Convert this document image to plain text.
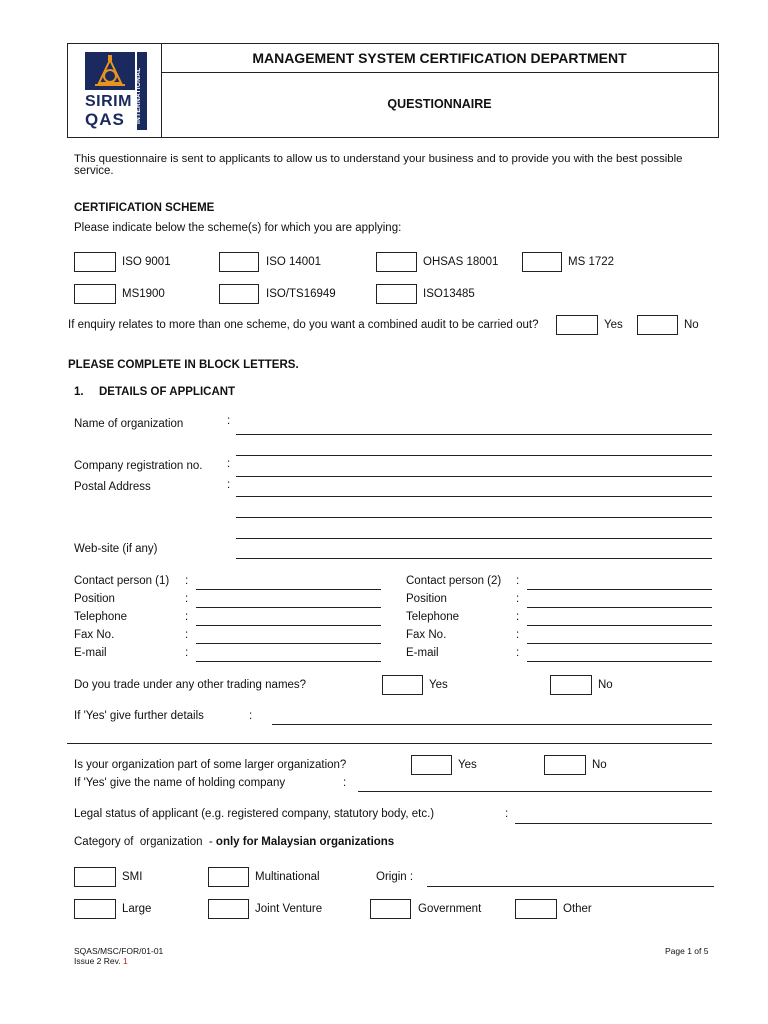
SIRIM
QAS INTERNATIONAL
MANAGEMENT SYSTEM CERTIFICATION DEPARTMENT
QUESTIONNAIRE
This questionnaire is sent to applicants to allow us to understand your business and to provide you with the best possible
service.
CERTIFICATION SCHEME
Please indicate below the scheme(s) for which you are applying:
ISO 9001	ISO 14001	OHSAS 18001	MS 1722
MS1900	ISO/TS16949	ISO13485
If enquiry relates to more than one scheme, do you want a combined audit to be carried out?	Yes	No
PLEASE COMPLETE IN BLOCK LETTERS.
1. DETAILS OF APPLICANT
Name of organization	:
Company registration no. :
Postal Address	:
Web-site (if any)
Contact person (1) :
Position	:
Telephone	:
Fax No.	:
E-mail	:
Contact person (2) :
Position	:
Telephone	:
Fax No.	:
E-mail	:
Do you trade under any other trading names?	Yes	No
If 'Yes' give further details	:
Is your organization part of some larger organization?	Yes	No
If 'Yes' give the name of holding company	:
Legal status of applicant (e.g. registered company, statutory body, etc.)	:
Category of  organization  - only for Malaysian organizations
SMI	Multinational	Origin :
Large	Joint Venture	Government	Other
SQAS/MSC/FOR/01-01
Issue 2 Rev. 1
Page 1 of 5
